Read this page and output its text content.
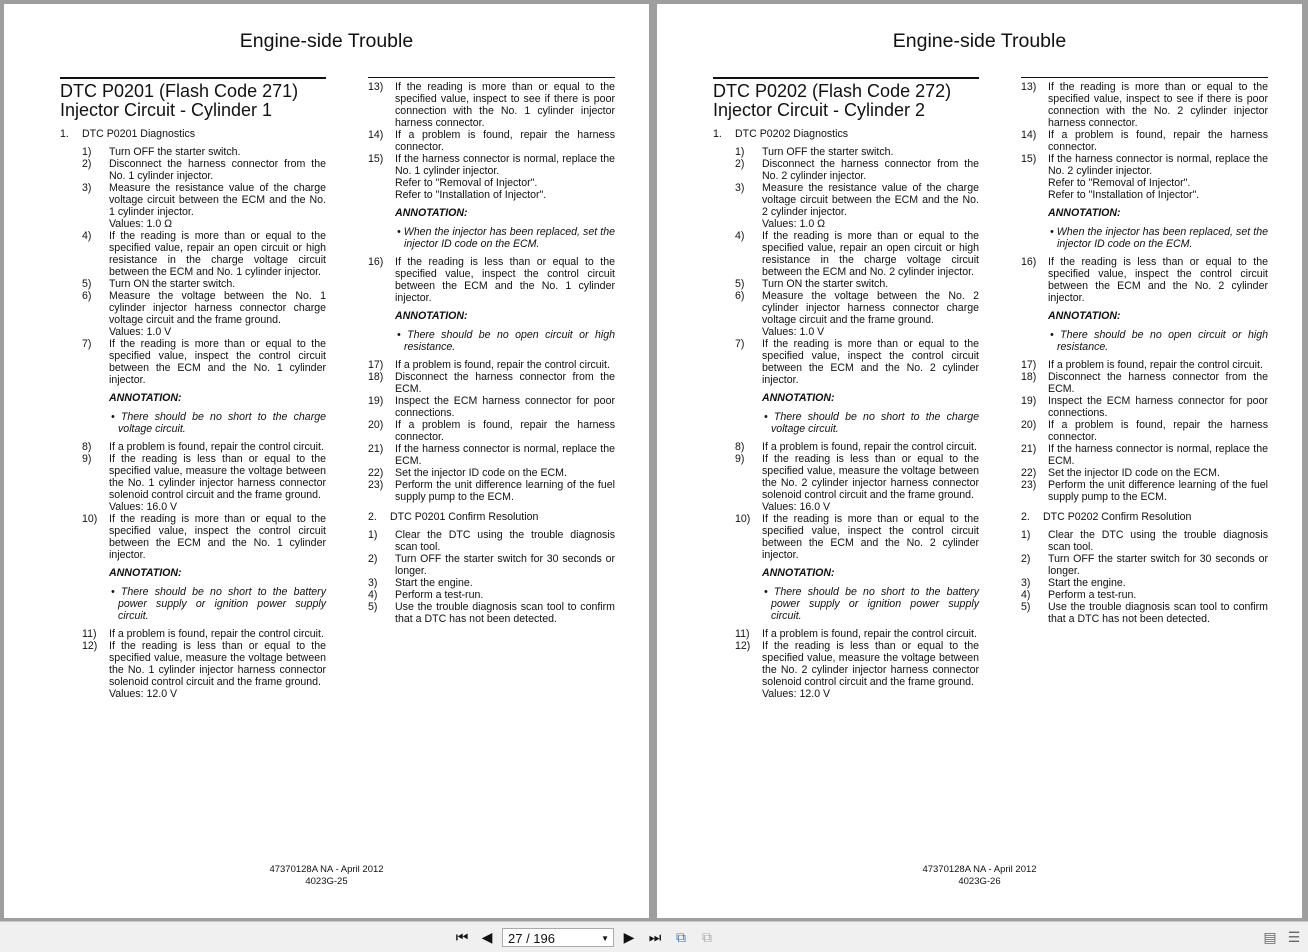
Engine-side Trouble
DTC P0201 (Flash Code 271)
Injector Circuit - Cylinder 1
1.	DTC P0201 Diagnostics
1)	Turn OFF the starter switch.
2)	Disconnect the harness connector from the No. 1 cylinder injector.
3)	Measure the resistance value of the charge voltage circuit between the ECM and the No. 1 cylinder injector.
Values: 1.0 Ω
4)	If the reading is more than or equal to the specified value, repair an open circuit or high resistance in the charge voltage circuit between the ECM and No. 1 cylinder injector.
5)	Turn ON the starter switch.
6)	Measure the voltage between the No. 1 cylinder injector harness connector charge voltage circuit and the frame ground.
Values: 1.0 V
7)	If the reading is more than or equal to the specified value, inspect the control circuit between the ECM and the No. 1 cylinder injector.
ANNOTATION:
• There should be no short to the charge voltage circuit.
8)	If a problem is found, repair the control circuit.
9)	If the reading is less than or equal to the specified value, measure the voltage between the No. 1 cylinder injector harness connector solenoid control circuit and the frame ground.
Values: 16.0 V
10)	If the reading is more than or equal to the specified value, inspect the control circuit between the ECM and the No. 1 cylinder injector.
ANNOTATION:
• There should be no short to the battery power supply or ignition power supply circuit.
11)	If a problem is found, repair the control circuit.
12)	If the reading is less than or equal to the specified value, measure the voltage between the No. 1 cylinder injector harness connector solenoid control circuit and the frame ground.
Values: 12.0 V
13)	If the reading is more than or equal to the specified value, inspect to see if there is poor connection with the No. 1 cylinder injector harness connector.
14)	If a problem is found, repair the harness connector.
15)	If the harness connector is normal, replace the No. 1 cylinder injector.
Refer to "Removal of Injector".
Refer to "Installation of Injector".
ANNOTATION:
• When the injector has been replaced, set the injector ID code on the ECM.
16)	If the reading is less than or equal to the specified value, inspect the control circuit between the ECM and the No. 1 cylinder injector.
ANNOTATION:
• There should be no open circuit or high resistance.
17)	If a problem is found, repair the control circuit.
18)	Disconnect the harness connector from the ECM.
19)	Inspect the ECM harness connector for poor connections.
20)	If a problem is found, repair the harness connector.
21)	If the harness connector is normal, replace the ECM.
22)	Set the injector ID code on the ECM.
23)	Perform the unit difference learning of the fuel supply pump to the ECM.
2.	DTC P0201 Confirm Resolution
1)	Clear the DTC using the trouble diagnosis scan tool.
2)	Turn OFF the starter switch for 30 seconds or longer.
3)	Start the engine.
4)	Perform a test-run.
5)	Use the trouble diagnosis scan tool to confirm that a DTC has not been detected.
47370128A NA - April 2012
4023G-25
Engine-side Trouble
DTC P0202 (Flash Code 272)
Injector Circuit - Cylinder 2
1.	DTC P0202 Diagnostics
1)	Turn OFF the starter switch.
2)	Disconnect the harness connector from the No. 2 cylinder injector.
3)	Measure the resistance value of the charge voltage circuit between the ECM and the No. 2 cylinder injector.
Values: 1.0 Ω
4)	If the reading is more than or equal to the specified value, repair an open circuit or high resistance in the charge voltage circuit between the ECM and No. 2 cylinder injector.
5)	Turn ON the starter switch.
6)	Measure the voltage between the No. 2 cylinder injector harness connector charge voltage circuit and the frame ground.
Values: 1.0 V
7)	If the reading is more than or equal to the specified value, inspect the control circuit between the ECM and the No. 2 cylinder injector.
ANNOTATION:
• There should be no short to the charge voltage circuit.
8)	If a problem is found, repair the control circuit.
9)	If the reading is less than or equal to the specified value, measure the voltage between the No. 2 cylinder injector harness connector solenoid control circuit and the frame ground.
Values: 16.0 V
10)	If the reading is more than or equal to the specified value, inspect the control circuit between the ECM and the No. 2 cylinder injector.
ANNOTATION:
• There should be no short to the battery power supply or ignition power supply circuit.
11)	If a problem is found, repair the control circuit.
12)	If the reading is less than or equal to the specified value, measure the voltage between the No. 2 cylinder injector harness connector solenoid control circuit and the frame ground.
Values: 12.0 V
13)	If the reading is more than or equal to the specified value, inspect to see if there is poor connection with the No. 2 cylinder injector harness connector.
14)	If a problem is found, repair the harness connector.
15)	If the harness connector is normal, replace the No. 2 cylinder injector.
Refer to "Removal of Injector".
Refer to "Installation of Injector".
ANNOTATION:
• When the injector has been replaced, set the injector ID code on the ECM.
16)	If the reading is less than or equal to the specified value, inspect the control circuit between the ECM and the No. 2 cylinder injector.
ANNOTATION:
• There should be no open circuit or high resistance.
17)	If a problem is found, repair the control circuit.
18)	Disconnect the harness connector from the ECM.
19)	Inspect the ECM harness connector for poor connections.
20)	If a problem is found, repair the harness connector.
21)	If the harness connector is normal, replace the ECM.
22)	Set the injector ID code on the ECM.
23)	Perform the unit difference learning of the fuel supply pump to the ECM.
2.	DTC P0202 Confirm Resolution
1)	Clear the DTC using the trouble diagnosis scan tool.
2)	Turn OFF the starter switch for 30 seconds or longer.
3)	Start the engine.
4)	Perform a test-run.
5)	Use the trouble diagnosis scan tool to confirm that a DTC has not been detected.
47370128A NA - April 2012
4023G-26
⏮ ◀	27 / 196	▼ ▶ ⏭ ⧉ ⧉	▤ ☰
